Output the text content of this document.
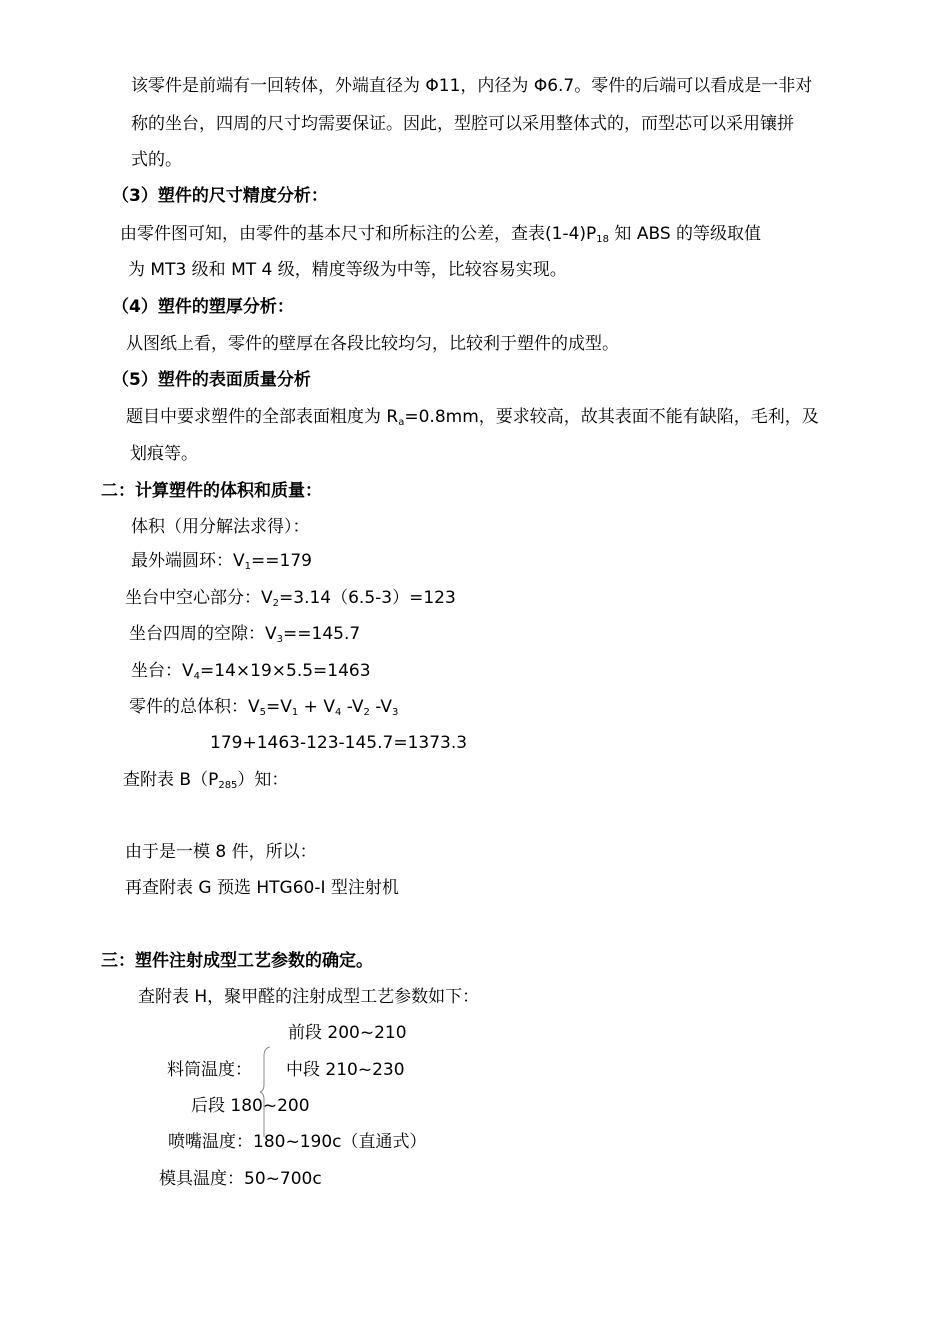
该零件是前端有一回转体，外端直径为 Φ11，内径为 Φ6.7。零件的后端可以看成是一非对
称的坐台，四周的尺寸均需要保证。因此，型腔可以采用整体式的，而型芯可以采用镶拼
式的。
（3）塑件的尺寸精度分析：
由零件图可知，由零件的基本尺寸和所标注的公差，查表$(1-4)P_{18}$ 知 ABS 的等级取值
为 MT3 级和 MT 4 级，精度等级为中等，比较容易实现。
（4）塑件的塑厚分析：
从图纸上看，零件的壁厚在各段比较均匀，比较利于塑件的成型。
（5）塑件的表面质量分析
题目中要求塑件的全部表面粗度为 $R_a=0.8mm$，要求较高，故其表面不能有缺陷，毛利，及
划痕等。
二：计算塑件的体积和质量：
体积（用分解法求得）：
最外端圆环：$V_1==179$
坐台中空心部分：$V_2=3.14(6.5-3)=123$
坐台四周的空隙：$V_3==145.7$
坐台：$V_4=14\times 19\times 5.5=1463$
零件的总体积：$V_5=V_1 + V_4$ $-V_2$ $-V_3$
179+1463-123-145.7=1373.3
查附表 $B(P_{285})$知：
由于是一模 8 件，所以：
再查附表 G 预选 HTG60-I 型注射机
三：塑件注射成型工艺参数的确定。
查附表 H，聚甲醛的注射成型工艺参数如下：
前段 200~210
料筒温度： 中段 210~230
后段 180~200
喷嘴温度：180~190c（直通式）
模具温度：50~700c
